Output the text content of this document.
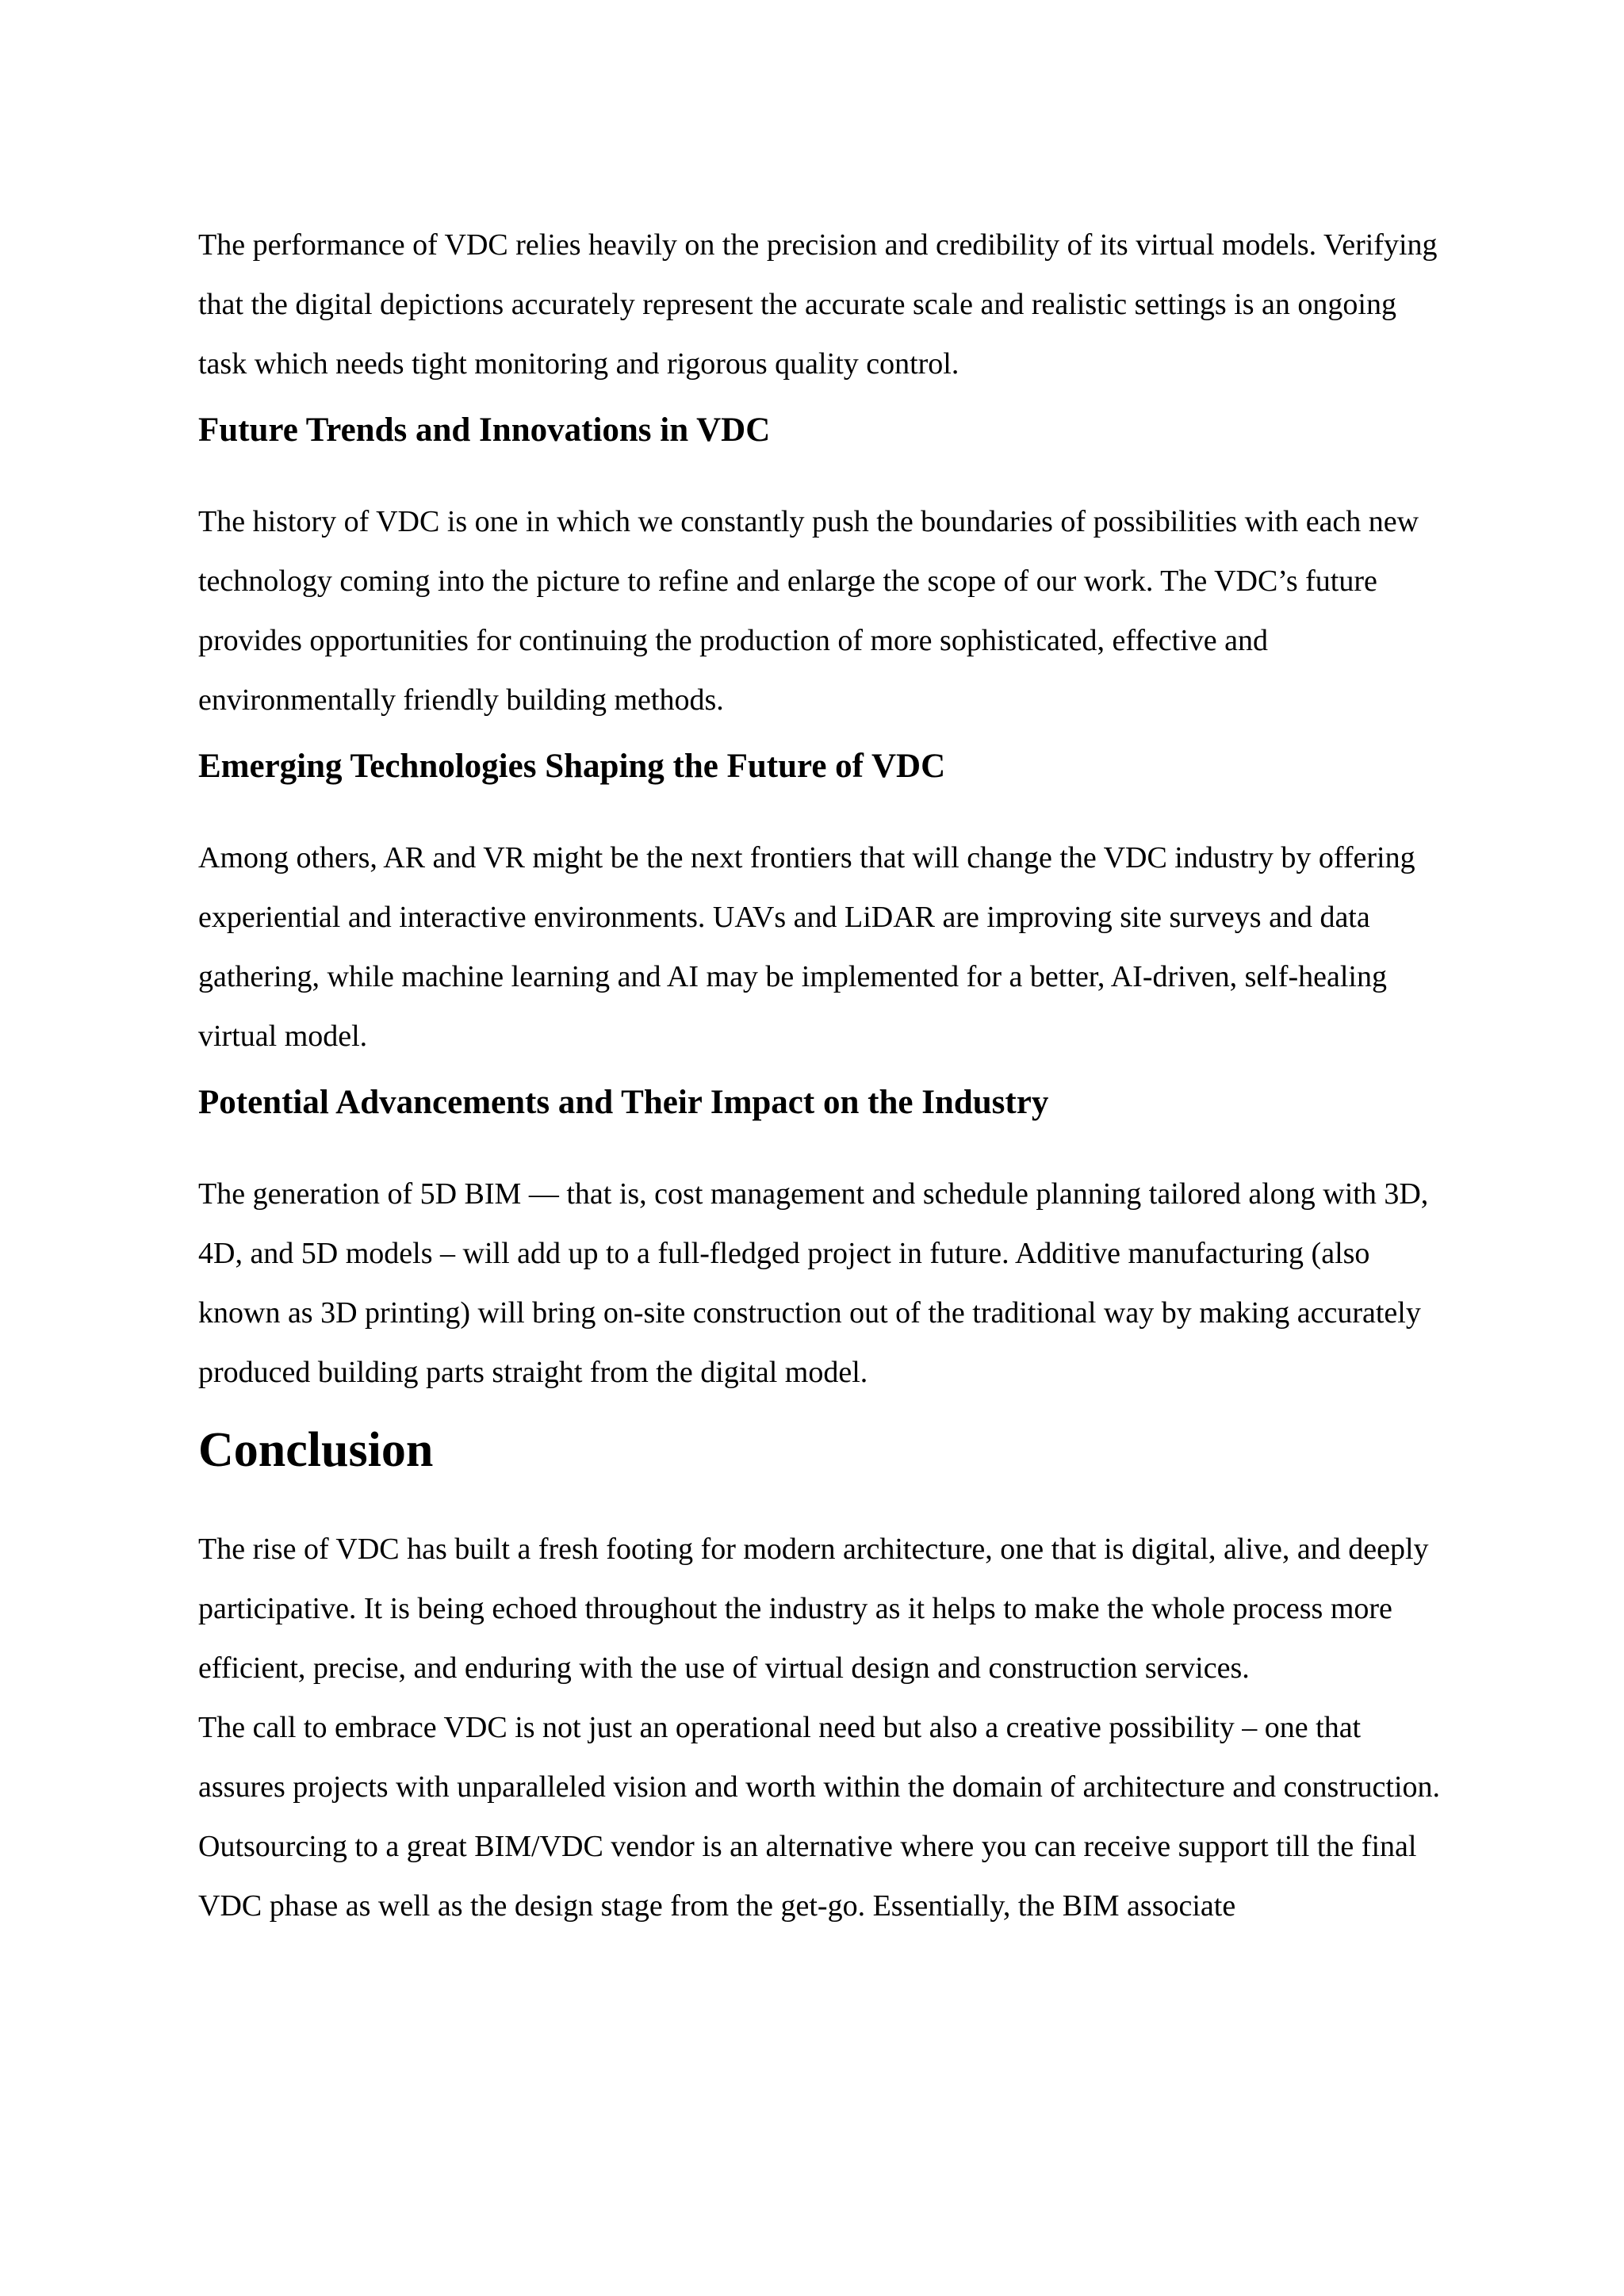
The performance of VDC relies heavily on the precision and credibility of its virtual models. Verifying that the digital depictions accurately represent the accurate scale and realistic settings is an ongoing task which needs tight monitoring and rigorous quality control.

Future Trends and Innovations in VDC

The history of VDC is one in which we constantly push the boundaries of possibilities with each new technology coming into the picture to refine and enlarge the scope of our work. The VDC’s future provides opportunities for continuing the production of more sophisticated, effective and environmentally friendly building methods.

Emerging Technologies Shaping the Future of VDC

Among others, AR and VR might be the next frontiers that will change the VDC industry by offering experiential and interactive environments. UAVs and LiDAR are improving site surveys and data gathering, while machine learning and AI may be implemented for a better, AI-driven, self-healing virtual model.

Potential Advancements and Their Impact on the Industry

The generation of 5D BIM — that is, cost management and schedule planning tailored along with 3D, 4D, and 5D models – will add up to a full-fledged project in future. Additive manufacturing (also known as 3D printing) will bring on-site construction out of the traditional way by making accurately produced building parts straight from the digital model.

Conclusion

The rise of VDC has built a fresh footing for modern architecture, one that is digital, alive, and deeply participative. It is being echoed throughout the industry as it helps to make the whole process more efficient, precise, and enduring with the use of virtual design and construction services.

The call to embrace VDC is not just an operational need but also a creative possibility – one that assures projects with unparalleled vision and worth within the domain of architecture and construction.

Outsourcing to a great BIM/VDC vendor is an alternative where you can receive support till the final VDC phase as well as the design stage from the get-go. Essentially, the BIM associate
